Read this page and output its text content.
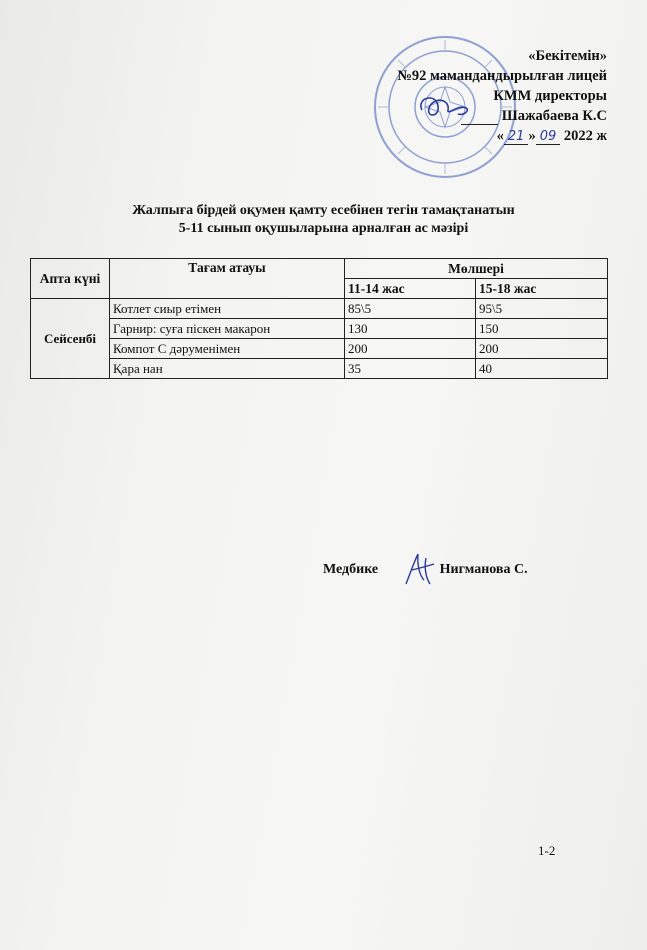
«Бекітемін»
№92 мамандандырылған лицей
КММ директоры
Шажабаева К.С
« 21 » 09 2022 ж
Жалпыға бірдей оқумен қамту есебінен тегін тамақтанатын
5-11 сынып оқушыларына арналған ас мәзірі
Апта күні	Тағам атауы	Мөлшері	
		11-14 жас	15-18 жас
Сейсенбі	Котлет сиыр етімен	85\5	95\5
	Гарнир: суға піскен макарон	130	150
	Компот С дәруменімен	200	200
	Қара нан	35	40
Медбике	Нигманова С.
1-2
